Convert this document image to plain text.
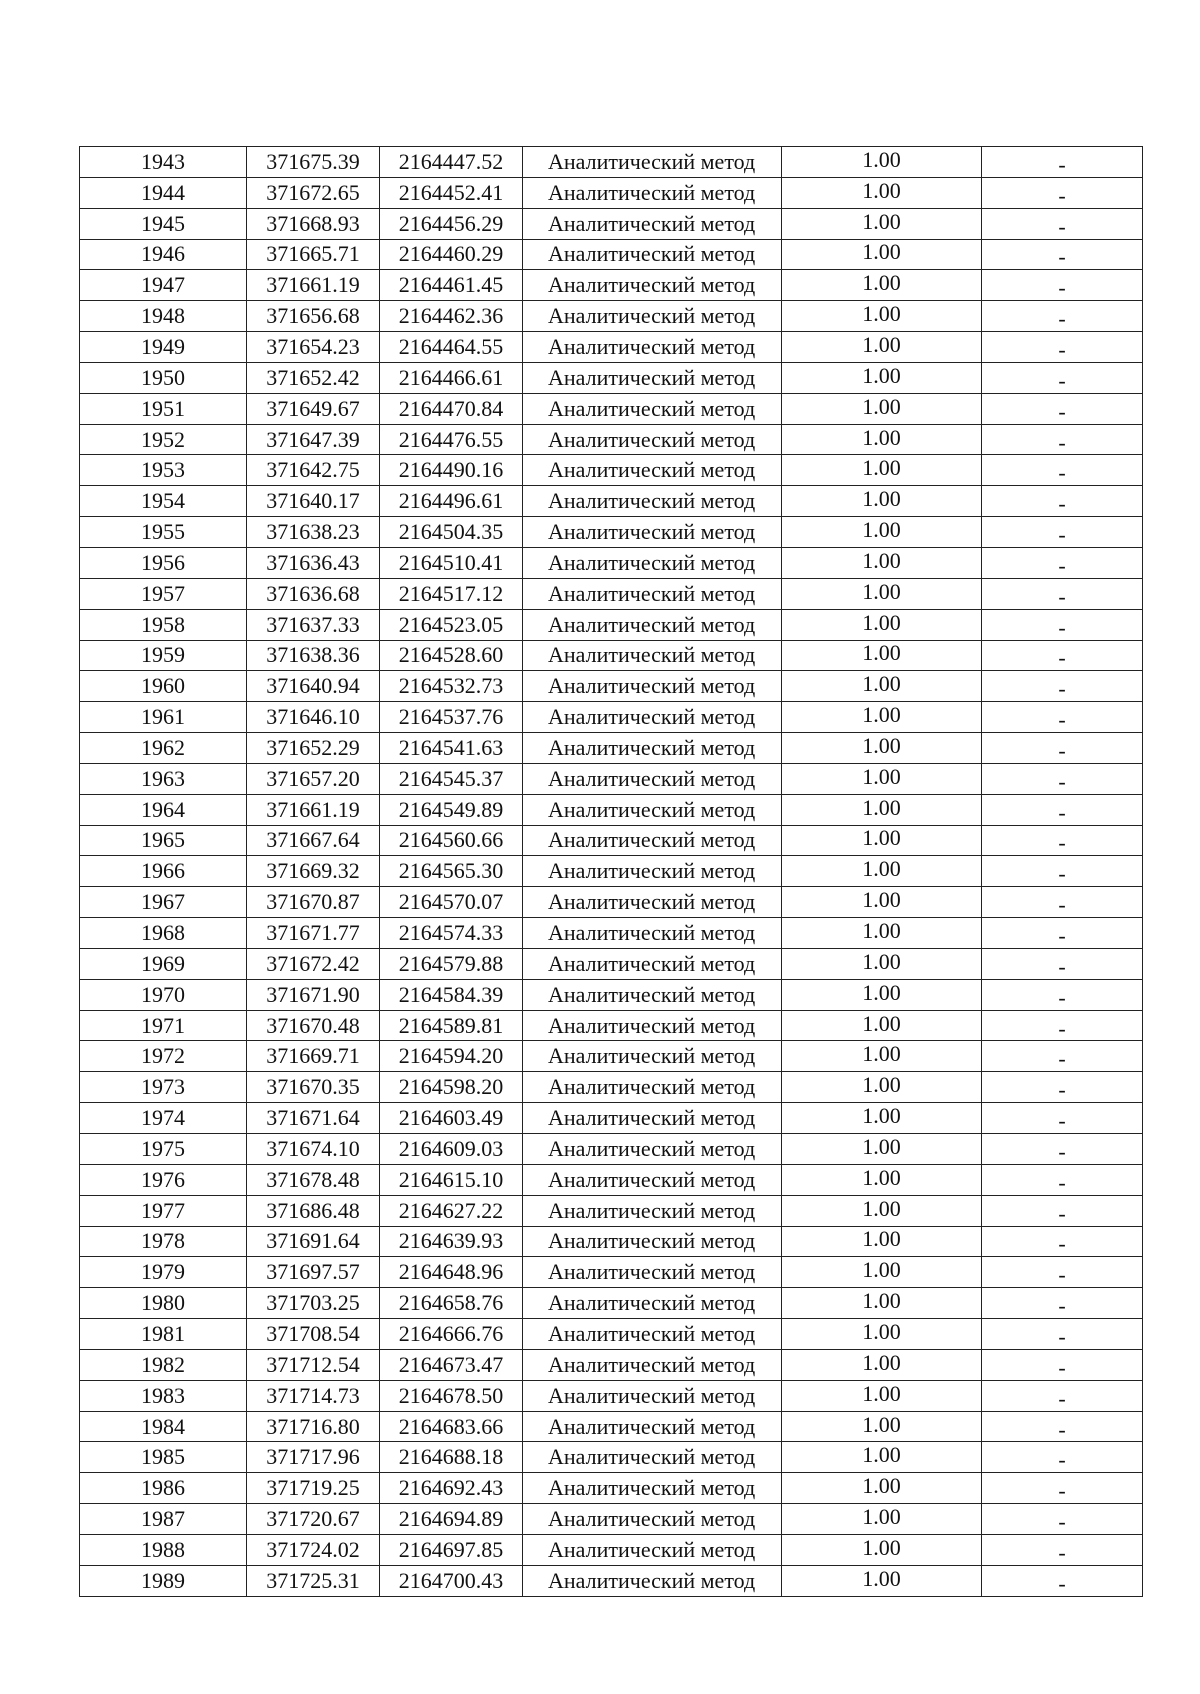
1943	371675.39	2164447.52	Аналитический метод	1.00	-
1944	371672.65	2164452.41	Аналитический метод	1.00	-
1945	371668.93	2164456.29	Аналитический метод	1.00	-
1946	371665.71	2164460.29	Аналитический метод	1.00	-
1947	371661.19	2164461.45	Аналитический метод	1.00	-
1948	371656.68	2164462.36	Аналитический метод	1.00	-
1949	371654.23	2164464.55	Аналитический метод	1.00	-
1950	371652.42	2164466.61	Аналитический метод	1.00	-
1951	371649.67	2164470.84	Аналитический метод	1.00	-
1952	371647.39	2164476.55	Аналитический метод	1.00	-
1953	371642.75	2164490.16	Аналитический метод	1.00	-
1954	371640.17	2164496.61	Аналитический метод	1.00	-
1955	371638.23	2164504.35	Аналитический метод	1.00	-
1956	371636.43	2164510.41	Аналитический метод	1.00	-
1957	371636.68	2164517.12	Аналитический метод	1.00	-
1958	371637.33	2164523.05	Аналитический метод	1.00	-
1959	371638.36	2164528.60	Аналитический метод	1.00	-
1960	371640.94	2164532.73	Аналитический метод	1.00	-
1961	371646.10	2164537.76	Аналитический метод	1.00	-
1962	371652.29	2164541.63	Аналитический метод	1.00	-
1963	371657.20	2164545.37	Аналитический метод	1.00	-
1964	371661.19	2164549.89	Аналитический метод	1.00	-
1965	371667.64	2164560.66	Аналитический метод	1.00	-
1966	371669.32	2164565.30	Аналитический метод	1.00	-
1967	371670.87	2164570.07	Аналитический метод	1.00	-
1968	371671.77	2164574.33	Аналитический метод	1.00	-
1969	371672.42	2164579.88	Аналитический метод	1.00	-
1970	371671.90	2164584.39	Аналитический метод	1.00	-
1971	371670.48	2164589.81	Аналитический метод	1.00	-
1972	371669.71	2164594.20	Аналитический метод	1.00	-
1973	371670.35	2164598.20	Аналитический метод	1.00	-
1974	371671.64	2164603.49	Аналитический метод	1.00	-
1975	371674.10	2164609.03	Аналитический метод	1.00	-
1976	371678.48	2164615.10	Аналитический метод	1.00	-
1977	371686.48	2164627.22	Аналитический метод	1.00	-
1978	371691.64	2164639.93	Аналитический метод	1.00	-
1979	371697.57	2164648.96	Аналитический метод	1.00	-
1980	371703.25	2164658.76	Аналитический метод	1.00	-
1981	371708.54	2164666.76	Аналитический метод	1.00	-
1982	371712.54	2164673.47	Аналитический метод	1.00	-
1983	371714.73	2164678.50	Аналитический метод	1.00	-
1984	371716.80	2164683.66	Аналитический метод	1.00	-
1985	371717.96	2164688.18	Аналитический метод	1.00	-
1986	371719.25	2164692.43	Аналитический метод	1.00	-
1987	371720.67	2164694.89	Аналитический метод	1.00	-
1988	371724.02	2164697.85	Аналитический метод	1.00	-
1989	371725.31	2164700.43	Аналитический метод	1.00	-
